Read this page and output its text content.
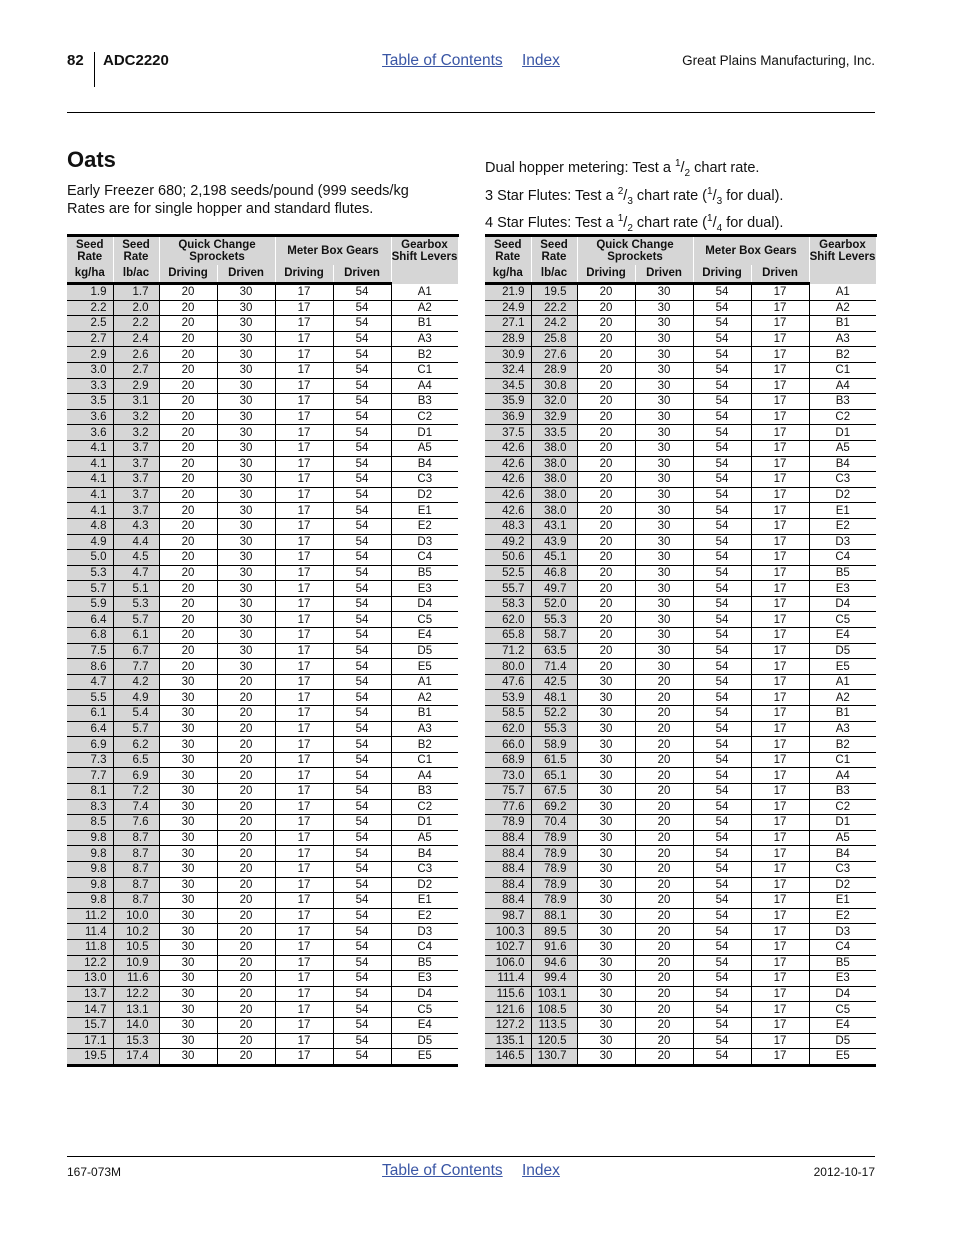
82 ADC2220	Table of Contents Index	Great Plains Manufacturing, Inc.
Oats
Early Freezer 680; 2,198 seeds/pound (999 seeds/kg
Rates are for single hopper and standard flutes.
Dual hopper metering: Test a $^1/_2$ chart rate.
3 Star Flutes: Test a $^2/_3$ chart rate ($^1/_3$ for dual).
4 Star Flutes: Test a $^1/_2$ chart rate ($^1/_4$ for dual).
Seed Rate	Seed Rate	Quick Change Sprockets		Meter Box Gears		Gearbox Shift Levers
kg/ha	lb/ac	Driving	Driven	Driving	Driven	
1.9	1.7	20	30	17	54	A1
2.2	2.0	20	30	17	54	A2
2.5	2.2	20	30	17	54	B1
2.7	2.4	20	30	17	54	A3
2.9	2.6	20	30	17	54	B2
3.0	2.7	20	30	17	54	C1
3.3	2.9	20	30	17	54	A4
3.5	3.1	20	30	17	54	B3
3.6	3.2	20	30	17	54	C2
3.6	3.2	20	30	17	54	D1
4.1	3.7	20	30	17	54	A5
4.1	3.7	20	30	17	54	B4
4.1	3.7	20	30	17	54	C3
4.1	3.7	20	30	17	54	D2
4.1	3.7	20	30	17	54	E1
4.8	4.3	20	30	17	54	E2
4.9	4.4	20	30	17	54	D3
5.0	4.5	20	30	17	54	C4
5.3	4.7	20	30	17	54	B5
5.7	5.1	20	30	17	54	E3
5.9	5.3	20	30	17	54	D4
6.4	5.7	20	30	17	54	C5
6.8	6.1	20	30	17	54	E4
7.5	6.7	20	30	17	54	D5
8.6	7.7	20	30	17	54	E5
4.7	4.2	30	20	17	54	A1
5.5	4.9	30	20	17	54	A2
6.1	5.4	30	20	17	54	B1
6.4	5.7	30	20	17	54	A3
6.9	6.2	30	20	17	54	B2
7.3	6.5	30	20	17	54	C1
7.7	6.9	30	20	17	54	A4
8.1	7.2	30	20	17	54	B3
8.3	7.4	30	20	17	54	C2
8.5	7.6	30	20	17	54	D1
9.8	8.7	30	20	17	54	A5
9.8	8.7	30	20	17	54	B4
9.8	8.7	30	20	17	54	C3
9.8	8.7	30	20	17	54	D2
9.8	8.7	30	20	17	54	E1
11.2	10.0	30	20	17	54	E2
11.4	10.2	30	20	17	54	D3
11.8	10.5	30	20	17	54	C4
12.2	10.9	30	20	17	54	B5
13.0	11.6	30	20	17	54	E3
13.7	12.2	30	20	17	54	D4
14.7	13.1	30	20	17	54	C5
15.7	14.0	30	20	17	54	E4
17.1	15.3	30	20	17	54	D5
19.5	17.4	30	20	17	54	E5
Seed Rate	Seed Rate	Quick Change Sprockets		Meter Box Gears		Gearbox Shift Levers
kg/ha	lb/ac	Driving	Driven	Driving	Driven	
21.9	19.5	20	30	54	17	A1
24.9	22.2	20	30	54	17	A2
27.1	24.2	20	30	54	17	B1
28.9	25.8	20	30	54	17	A3
30.9	27.6	20	30	54	17	B2
32.4	28.9	20	30	54	17	C1
34.5	30.8	20	30	54	17	A4
35.9	32.0	20	30	54	17	B3
36.9	32.9	20	30	54	17	C2
37.5	33.5	20	30	54	17	D1
42.6	38.0	20	30	54	17	A5
42.6	38.0	20	30	54	17	B4
42.6	38.0	20	30	54	17	C3
42.6	38.0	20	30	54	17	D2
42.6	38.0	20	30	54	17	E1
48.3	43.1	20	30	54	17	E2
49.2	43.9	20	30	54	17	D3
50.6	45.1	20	30	54	17	C4
52.5	46.8	20	30	54	17	B5
55.7	49.7	20	30	54	17	E3
58.3	52.0	20	30	54	17	D4
62.0	55.3	20	30	54	17	C5
65.8	58.7	20	30	54	17	E4
71.2	63.5	20	30	54	17	D5
80.0	71.4	20	30	54	17	E5
47.6	42.5	30	20	54	17	A1
53.9	48.1	30	20	54	17	A2
58.5	52.2	30	20	54	17	B1
62.0	55.3	30	20	54	17	A3
66.0	58.9	30	20	54	17	B2
68.9	61.5	30	20	54	17	C1
73.0	65.1	30	20	54	17	A4
75.7	67.5	30	20	54	17	B3
77.6	69.2	30	20	54	17	C2
78.9	70.4	30	20	54	17	D1
88.4	78.9	30	20	54	17	A5
88.4	78.9	30	20	54	17	B4
88.4	78.9	30	20	54	17	C3
88.4	78.9	30	20	54	17	D2
88.4	78.9	30	20	54	17	E1
98.7	88.1	30	20	54	17	E2
100.3	89.5	30	20	54	17	D3
102.7	91.6	30	20	54	17	C4
106.0	94.6	30	20	54	17	B5
111.4	99.4	30	20	54	17	E3
115.6	103.1	30	20	54	17	D4
121.6	108.5	30	20	54	17	C5
127.2	113.5	30	20	54	17	E4
135.1	120.5	30	20	54	17	D5
146.5	130.7	30	20	54	17	E5
167-073M	Table of Contents Index	2012-10-17
